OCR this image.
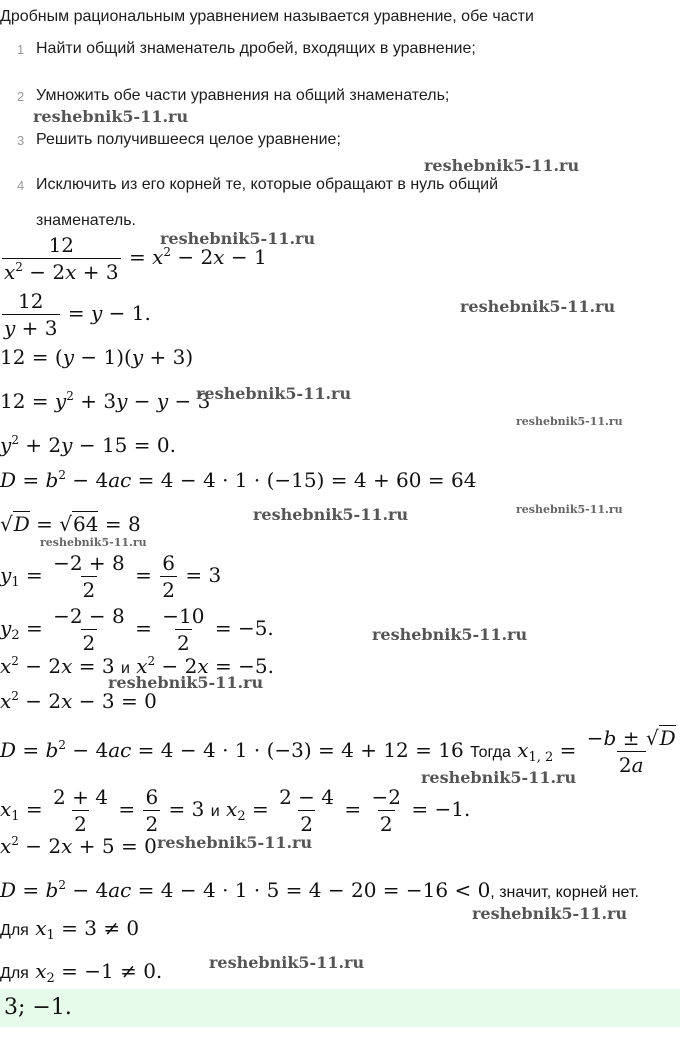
Дробным рациональным уравнением называется уравнение, обе части
1 Найти общий знаменатель дробей, входящих в уравнение;
2 Умножить обе части уравнения на общий знаменатель;
3 Решить получившееся целое уравнение;
4 Исключить из его корней те, которые обращают в нуль общий
знаменатель.
$\frac{12}{x^2 - 2x + 3} = x^2 - 2x - 1$
$\frac{12}{y + 3} = y - 1$.
12 = (y − 1)(y + 3)
$12 = y^2 + 3y - y - 3$
$y^2 + 2y - 15 = 0$.
$D = b^2 - 4ac = 4 - 4 \cdot 1 \cdot (-15) = 4 + 60 = 64$
√D = √64 = 8
$y_1 = \frac{-2 + 8}{2} = \frac{6}{2} = 3$
$y_2 = \frac{-2 - 8}{2} = \frac{-10}{2} = -5$.
$x^2 - 2x = 3$ и $x^2 - 2x = -5$.
$x^2 - 2x - 3 = 0$
$D = b^2 - 4ac = 4 - 4 \cdot 1 \cdot (-3) = 4 + 12 = 16$ Тогда $x_{1, 2} = \frac{-b \pm √D}{2a}$
$x_1 = \frac{2 + 4}{2} = \frac{6}{2} = 3$ и $x_2 = \frac{2 - 4}{2} = \frac{-2}{2} = -1$.
$x^2 - 2x + 5 = 0$
$D = b^2 - 4ac = 4 - 4 \cdot 1 \cdot 5 = 4 - 20 = -16 < 0$, значит, корней нет.
Для $x_1 = 3 \ne 0$
Для $x_2 = -1 \ne 0$.
3; −1.
reshebnik5-11.ru
reshebnik5-11.ru
reshebnik5-11.ru
reshebnik5-11.ru
reshebnik5-11.ru
reshebnik5-11.ru
reshebnik5-11.ru	reshebnik5-11.ru
reshebnik5-11.ru
reshebnik5-11.ru
reshebnik5-11.ru
reshebnik5-11.ru
reshebnik5-11.ru
reshebnik5-11.ru
reshebnik5-11.ru
